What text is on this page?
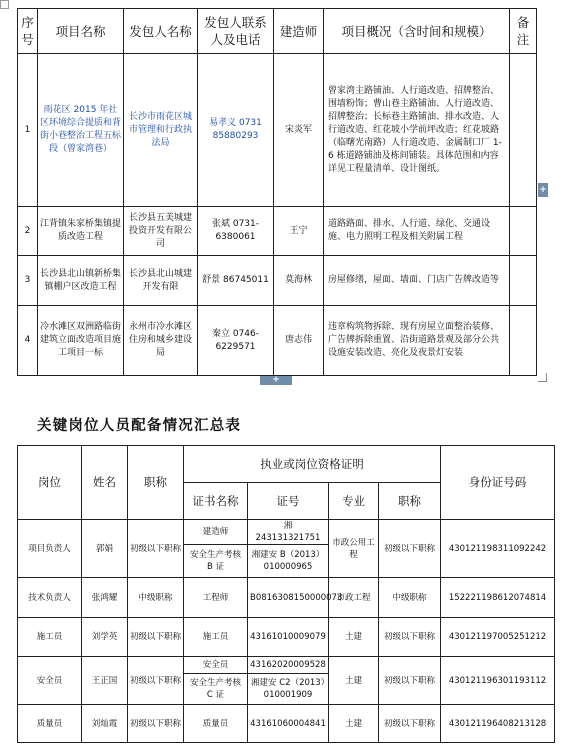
序号	项目名称	发包人名称	发包人联系人及电话	建造师	项目概况（含时间和规模）	备注
1	雨花区 2015 年社区环境综合提质和背街小巷整治工程五标段（曾家湾巷）	长沙市雨花区城市管理和行政执法局	易孝义 0731 85880293	宋炎军	曾家湾主路铺油、人行道改造、招牌整治、围墙粉饰；曹山巷主路铺油、人行道改造、招牌整治；长标巷主路铺油、排水改造、人行道改造、红花坡小学前坪改造；红花坡路（临曙光南路）人行道改造、金属制口厂 1-6 栋道路铺油及栋间铺装。具体范围和内容详见工程量清单、设计图纸。	
2	江背镇朱家桥集镇提质改造工程	长沙县五美城建投资开发有限公司	张斌 0731-6380061	王宁	道路路面、排水、人行道、绿化、交通设施、电力照明工程及相关附属工程	
3	长沙县北山镇新桥集镇棚户区改造工程	长沙县北山城建开发有限	舒景 86745011	莫海林	房屋修缮，屋面、墙面、门店广告牌改造等	
4	冷水滩区双洲路临街建筑立面改造项目施工项目一标	永州市冷水滩区住房和城乡建设局	秦立 0746-6229571	唐志伟	违章构筑物拆除、现有房屋立面整治装修、广告牌拆除重置、沿街道路景观及部分公共设施安装改造、亮化及夜景灯安装	
+
+
关键岗位人员配备情况汇总表
岗位	姓名	职称	执业或岗位资格证明				身份证号码
			证书名称	证号	专业	职称	
项目负责人	郭娟	初级以下职称	建造师	湘 243131321751	市政公用工程	初级以下职称	430121198311092242
			安全生产考核 B 证	湘建安 B（2013）010000965			
技术负责人	张鸿耀	中级职称	工程师	B0816308150000073	市政工程	中级职称	152221198612074814
施工员	刘学英	初级以下职称	施工员	43161010009079	土建	初级以下职称	430121197005251212
安全员	王正国	初级以下职称	安全员	43162020009528	土建	初级以下职称	430121196301193112
			安全生产考核 C 证	湘建安 C2（2013）010001909			
质量员	刘灿霞	初级以下职称	质量员	43161060004841	土建	初级以下职称	430121196408213128
